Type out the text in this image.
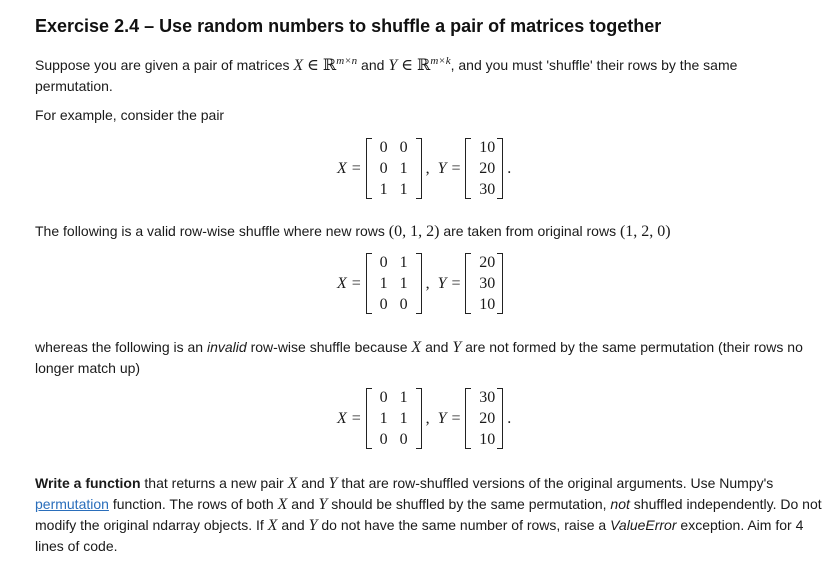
Exercise 2.4 – Use random numbers to shuffle a pair of matrices together

Suppose you are given a pair of matrices X ∈ ℝ$^{m\times n}$ and Y ∈ ℝ$^{m\times k}$, and you must 'shuffle' their rows by the same permutation.

For example, consider the pair

X =
0 0
0 1
1 1
, Y =
10
20
30
.

The following is a valid row-wise shuffle where new rows (0, 1, 2) are taken from original rows (1, 2, 0)

X =
0 1
1 1
0 0
, Y =
20
30
10

whereas the following is an invalid row-wise shuffle because X and Y are not formed by the same permutation (their rows no longer match up)

X =
0 1
1 1
0 0
, Y =
30
20
10
.

Write a function that returns a new pair X and Y that are row-shuffled versions of the original arguments. Use Numpy's permutation function. The rows of both X and Y should be shuffled by the same permutation, not shuffled independently. Do not modify the original ndarray objects. If X and Y do not have the same number of rows, raise a ValueError exception. Aim for 4 lines of code.
